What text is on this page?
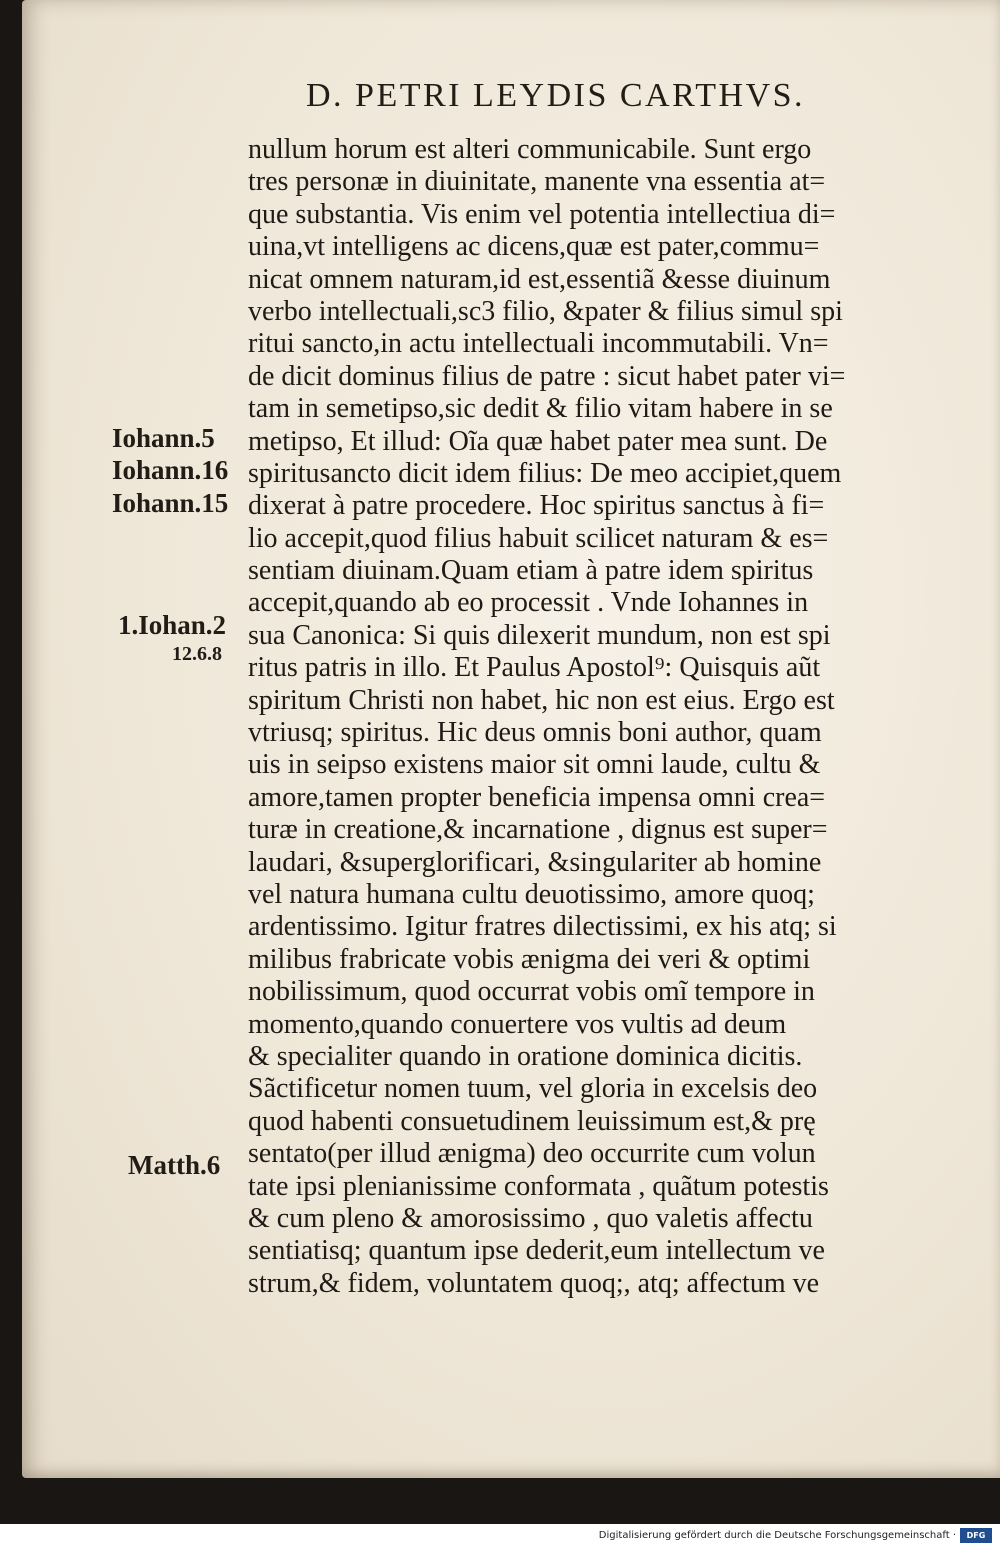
D. PETRI LEYDIS CARTHVS.
nullum horum est alteri communicabile. Sunt ergo
tres personæ in diuinitate, manente vna essentia at=
que substantia. Vis enim vel potentia intellectiua di=
uina,vt intelligens ac dicens,quæ est pater,commu=
nicat omnem naturam,id est,essentiã &esse diuinum
verbo intellectuali,sc3 filio, &pater & filius simul spi
ritui sancto,in actu intellectuali incommutabili. Vn=
de dicit dominus filius de patre : sicut habet pater vi=
tam in semetipso,sic dedit & filio vitam habere in se
metipso, Et illud: Oĩa quæ habet pater mea sunt. De
spiritusancto dicit idem filius: De meo accipiet,quem
dixerat à patre procedere. Hoc spiritus sanctus à fi=
lio accepit,quod filius habuit scilicet naturam & es=
sentiam diuinam.Quam etiam à patre idem spiritus
accepit,quando ab eo processit . Vnde Iohannes in
sua Canonica: Si quis dilexerit mundum, non est spi
ritus patris in illo. Et Paulus Apostol⁹: Quisquis aũt
spiritum Christi non habet, hic non est eius. Ergo est
vtriusq; spiritus. Hic deus omnis boni author, quam
uis in seipso existens maior sit omni laude, cultu &
amore,tamen propter beneficia impensa omni crea=
turæ in creatione,& incarnatione , dignus est super=
laudari, &superglorificari, &singulariter ab homine
vel natura humana cultu deuotissimo, amore quoq;
ardentissimo. Igitur fratres dilectissimi, ex his atq; si
milibus frabricate vobis ænigma dei veri & optimi
nobilissimum, quod occurrat vobis omĩ tempore in
momento,quando conuertere vos vultis ad deum
& specialiter quando in oratione dominica dicitis.
Sãctificetur nomen tuum, vel gloria in excelsis deo
quod habenti consuetudinem leuissimum est,& prę
sentato(per illud ænigma) deo occurrite cum volun
tate ipsi plenianissime conformata , quãtum potestis
& cum pleno & amorosissimo , quo valetis affectu
sentiatisq; quantum ipse dederit,eum intellectum ve
strum,& fidem, voluntatem quoq;, atq; affectum ve
Iohann.5
Iohann.16
Iohann.15
1.Iohan.2
12.6.8
Matth.6
Digitalisierung gefördert durch die Deutsche Forschungsgemeinschaft ·	DFG
